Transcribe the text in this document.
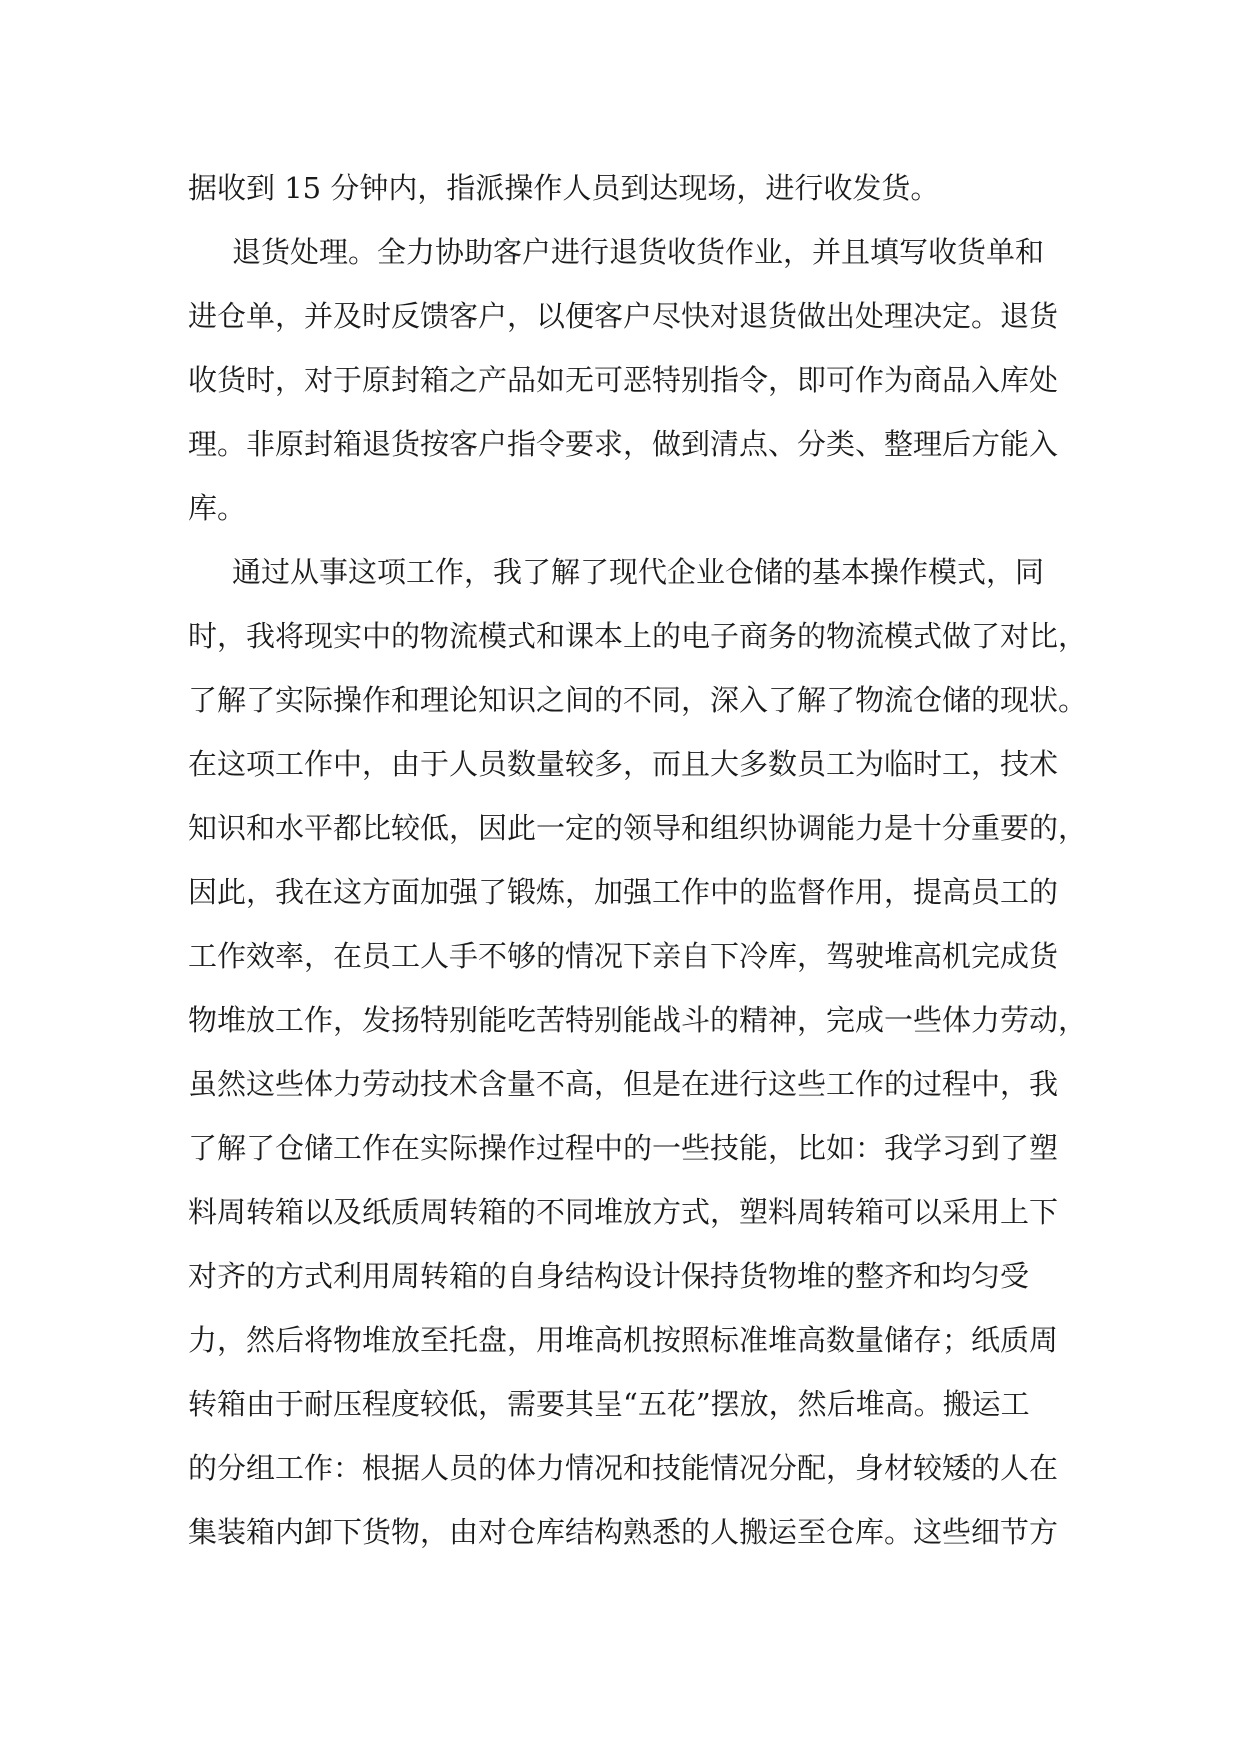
据收到 15 分钟内，指派操作人员到达现场，进行收发货。
退货处理。全力协助客户进行退货收货作业，并且填写收货单和
进仓单，并及时反馈客户，以便客户尽快对退货做出处理决定。退货
收货时，对于原封箱之产品如无可恶特别指令，即可作为商品入库处
理。非原封箱退货按客户指令要求，做到清点、分类、整理后方能入
库。
通过从事这项工作，我了解了现代企业仓储的基本操作模式，同
时，我将现实中的物流模式和课本上的电子商务的物流模式做了对比，
了解了实际操作和理论知识之间的不同，深入了解了物流仓储的现状。
在这项工作中，由于人员数量较多，而且大多数员工为临时工，技术
知识和水平都比较低，因此一定的领导和组织协调能力是十分重要的，
因此，我在这方面加强了锻炼，加强工作中的监督作用，提高员工的
工作效率，在员工人手不够的情况下亲自下冷库，驾驶堆高机完成货
物堆放工作，发扬特别能吃苦特别能战斗的精神，完成一些体力劳动，
虽然这些体力劳动技术含量不高，但是在进行这些工作的过程中，我
了解了仓储工作在实际操作过程中的一些技能，比如：我学习到了塑
料周转箱以及纸质周转箱的不同堆放方式，塑料周转箱可以采用上下
对齐的方式利用周转箱的自身结构设计保持货物堆的整齐和均匀受
力，然后将物堆放至托盘，用堆高机按照标准堆高数量储存；纸质周
转箱由于耐压程度较低，需要其呈“五花”摆放，然后堆高。搬运工
的分组工作：根据人员的体力情况和技能情况分配，身材较矮的人在
集装箱内卸下货物，由对仓库结构熟悉的人搬运至仓库。这些细节方
